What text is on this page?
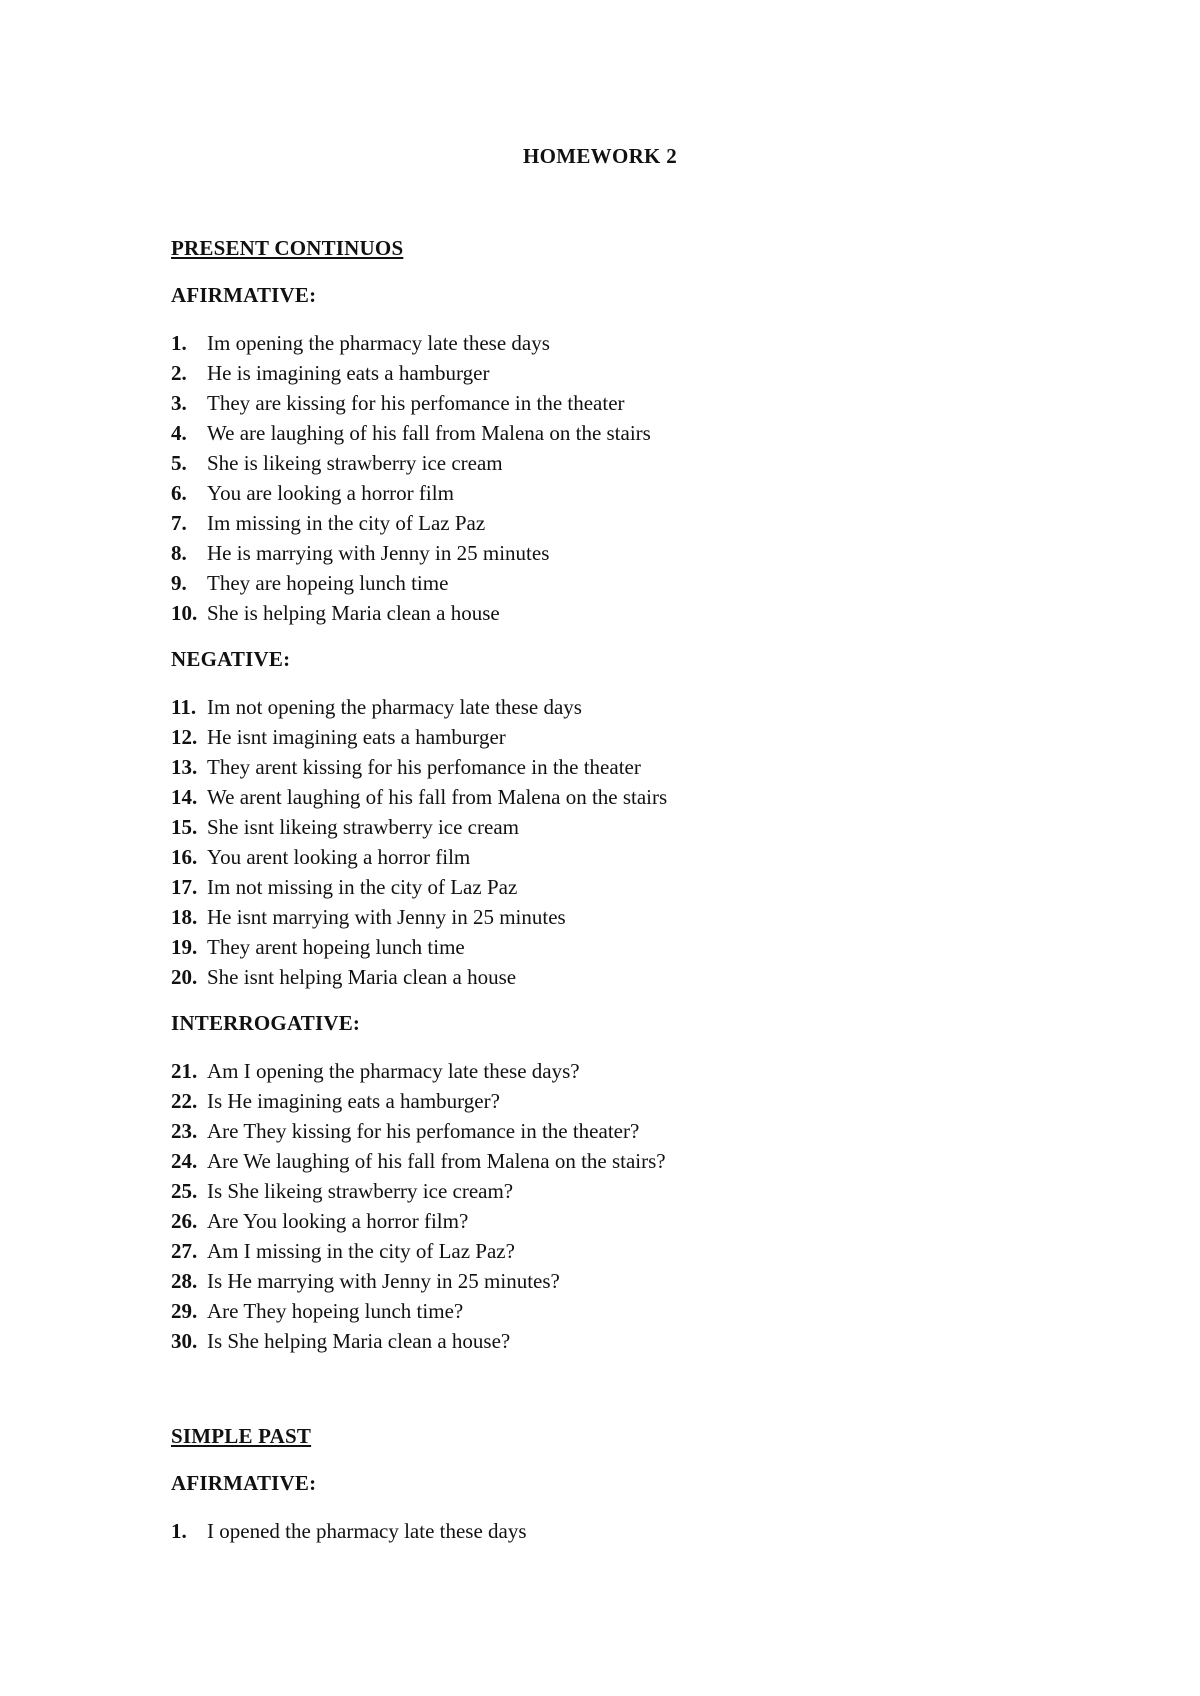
HOMEWORK 2
PRESENT CONTINUOS
AFIRMATIVE:
1. Im opening the pharmacy late these days
2. He is imagining eats a hamburger
3. They are kissing for his perfomance in the theater
4. We are laughing of his fall from Malena on the stairs
5. She is likeing strawberry ice cream
6. You are looking a horror film
7. Im missing in the city of Laz Paz
8. He is marrying with Jenny in 25 minutes
9. They are hopeing lunch time
10. She is helping Maria clean a house
NEGATIVE:
11. Im not opening the pharmacy late these days
12. He isnt imagining eats a hamburger
13. They arent kissing for his perfomance in the theater
14. We arent laughing of his fall from Malena on the stairs
15. She isnt likeing strawberry ice cream
16. You arent looking a horror film
17. Im not missing in the city of Laz Paz
18. He isnt marrying with Jenny in 25 minutes
19. They arent hopeing lunch time
20. She isnt helping Maria clean a house
INTERROGATIVE:
21. Am I opening the pharmacy late these days?
22. Is He imagining eats a hamburger?
23. Are They kissing for his perfomance in the theater?
24. Are We laughing of his fall from Malena on the stairs?
25. Is She likeing strawberry ice cream?
26. Are You looking a horror film?
27. Am I missing in the city of Laz Paz?
28. Is He marrying with Jenny in 25 minutes?
29. Are They hopeing lunch time?
30. Is She helping Maria clean a house?
SIMPLE PAST
AFIRMATIVE:
1. I opened the pharmacy late these days
